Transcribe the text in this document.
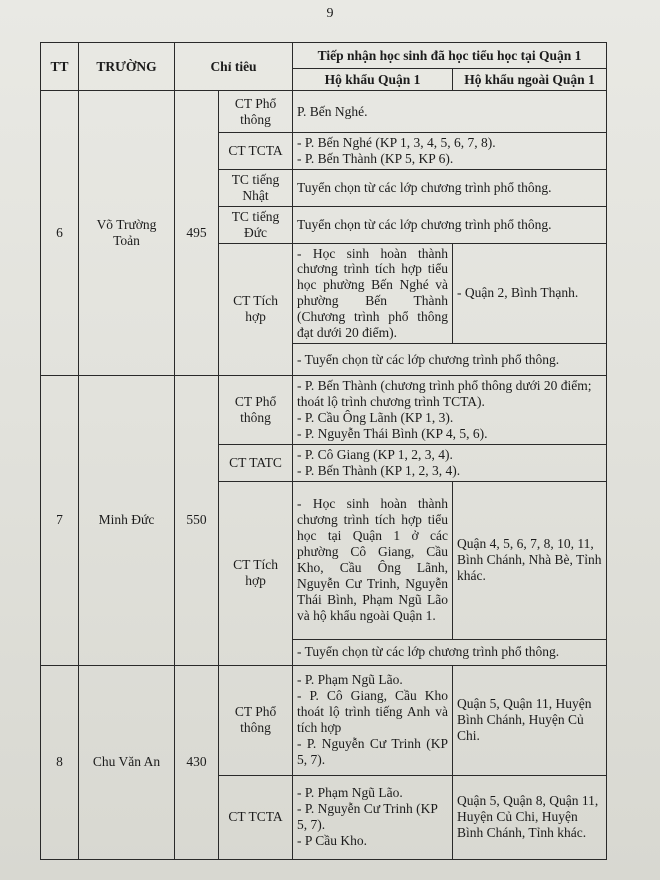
9
TT	TRƯỜNG	Chỉ tiêu		Tiếp nhận học sinh đã học tiểu học tại Quận 1	
				Hộ khẩu Quận 1	Hộ khẩu ngoài Quận 1
6	Võ Trường Toản	495	CT Phổ thông	P. Bến Nghé.	
			CT TCTA	- P. Bến Nghé (KP 1, 3, 4, 5, 6, 7, 8).
- P. Bến Thành (KP 5, KP 6).	

			TC tiếng Nhật	Tuyển chọn từ các lớp chương trình phổ thông.	
			TC tiếng Đức	Tuyển chọn từ các lớp chương trình phổ thông.	
			CT Tích hợp	- Học sinh hoàn thành chương trình tích hợp tiểu học phường Bến Nghé và phường Bến Thành (Chương trình phổ thông đạt dưới 20 điểm).	- Quận 2, Bình Thạnh.
				- Tuyển chọn từ các lớp chương trình phổ thông.	
7	Minh Đức	550	CT Phổ thông	- P. Bến Thành (chương trình phổ thông dưới 20 điểm; thoát lộ trình chương trình TCTA).
- P. Cầu Ông Lãnh (KP 1, 3).
- P. Nguyễn Thái Bình (KP 4, 5, 6).	

			CT TATC	- P. Cô Giang (KP 1, 2, 3, 4).
- P. Bến Thành (KP 1, 2, 3, 4).	

			CT Tích hợp	- Học sinh hoàn thành chương trình tích hợp tiểu học tại Quận 1 ở các phường Cô Giang, Cầu Kho, Cầu Ông Lãnh, Nguyễn Cư Trinh, Nguyễn Thái Bình, Phạm Ngũ Lão và hộ khẩu ngoài Quận 1.	Quận 4, 5, 6, 7, 8, 10, 11, Bình Chánh, Nhà Bè, Tỉnh khác.
				- Tuyển chọn từ các lớp chương trình phổ thông.	
8	Chu Văn An	430	CT Phổ thông	- P. Phạm Ngũ Lão.
- P. Cô Giang, Cầu Kho thoát lộ trình tiếng Anh và tích hợp
- P. Nguyễn Cư Trinh (KP 5, 7).	Quận 5, Quận 11, Huyện Bình Chánh, Huyện Củ Chi.
			CT TCTA	- P. Phạm Ngũ Lão.
- P. Nguyễn Cư Trinh (KP 5, 7).
- P Cầu Kho.	Quận 5, Quận 8, Quận 11, Huyện Củ Chi, Huyện Bình Chánh, Tỉnh khác.
